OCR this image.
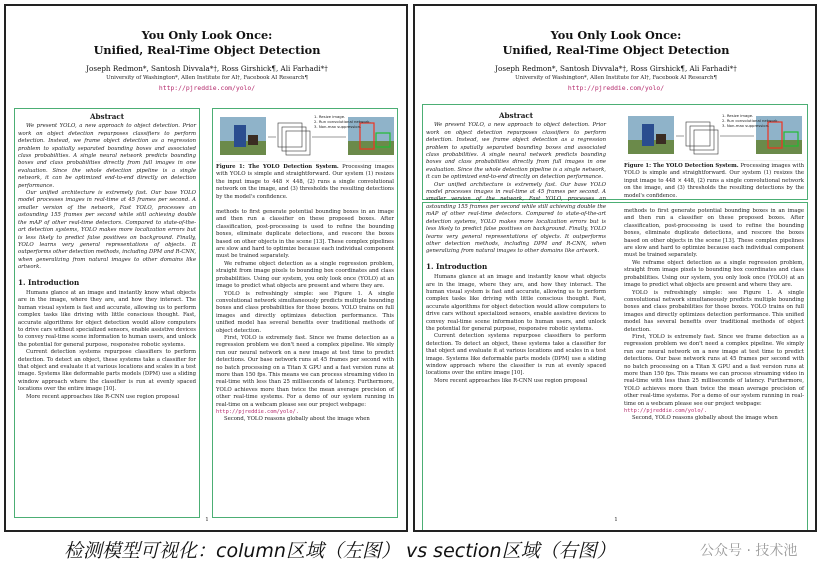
You Only Look Once:
Unified, Real-Time Object Detection
Joseph Redmon*, Santosh Divvala*†, Ross Girshick¶, Ali Farhadi*†
University of Washington*, Allen Institute for AI†, Facebook AI Research¶
http://pjreddie.com/yolo/
Abstract

We present YOLO, a new approach to object detection. Prior work on object detection repurposes classifiers to perform detection. Instead, we frame object detection as a regression problem to spatially separated bounding boxes and associated class probabilities. A single neural network predicts bounding boxes and class probabilities directly from full images in one evaluation. Since the whole detection pipeline is a single network, it can be optimized end-to-end directly on detection performance.

Our unified architecture is extremely fast. Our base YOLO model processes images in real-time at 45 frames per second. A smaller version of the network, Fast YOLO, processes an astounding 155 frames per second while still achieving double the mAP of other real-time detectors. Compared to state-of-the-art detection systems, YOLO makes more localization errors but is less likely to predict false positives on background. Finally, YOLO learns very general representations of objects. It outperforms other detection methods, including DPM and R-CNN, when generalizing from natural images to other domains like artwork.

1. Introduction

Humans glance at an image and instantly know what objects are in the image, where they are, and how they interact. The human visual system is fast and accurate, allowing us to perform complex tasks like driving with little conscious thought. Fast, accurate algorithms for object detection would allow computers to drive cars without specialized sensors, enable assistive devices to convey real-time scene information to human users, and unlock the potential for general purpose, responsive robotic systems.

Current detection systems repurpose classifiers to perform detection. To detect an object, these systems take a classifier for that object and evaluate it at various locations and scales in a test image. Systems like deformable parts models (DPM) use a sliding window approach where the classifier is run at evenly spaced locations over the entire image [10].

More recent approaches like R-CNN use region proposal

1. Resize image.
2. Run convolutional network.
3. Non-max suppression.
Figure 1: The YOLO Detection System. Processing images with YOLO is simple and straightforward. Our system (1) resizes the input image to 448 × 448, (2) runs a single convolutional network on the image, and (3) thresholds the resulting detections by the model's confidence.

methods to first generate potential bounding boxes in an image and then run a classifier on these proposed boxes. After classification, post-processing is used to refine the bounding boxes, eliminate duplicate detections, and rescore the boxes based on other objects in the scene [13]. These complex pipelines are slow and hard to optimize because each individual component must be trained separately.

We reframe object detection as a single regression problem, straight from image pixels to bounding box coordinates and class probabilities. Using our system, you only look once (YOLO) at an image to predict what objects are present and where they are.

YOLO is refreshingly simple: see Figure 1. A single convolutional network simultaneously predicts multiple bounding boxes and class probabilities for those boxes. YOLO trains on full images and directly optimizes detection performance. This unified model has several benefits over traditional methods of object detection.

First, YOLO is extremely fast. Since we frame detection as a regression problem we don't need a complex pipeline. We simply run our neural network on a new image at test time to predict detections. Our base network runs at 45 frames per second with no batch processing on a Titan X GPU and a fast version runs at more than 150 fps. This means we can process streaming video in real-time with less than 25 milliseconds of latency. Furthermore, YOLO achieves more than twice the mean average precision of other real-time systems. For a demo of our system running in real-time on a webcam please see our project webpage:

http://pjreddie.com/yolo/.

Second, YOLO reasons globally about the image when

1
You Only Look Once:
Unified, Real-Time Object Detection
Joseph Redmon*, Santosh Divvala*†, Ross Girshick¶, Ali Farhadi*†
University of Washington*, Allen Institute for AI†, Facebook AI Research¶
http://pjreddie.com/yolo/
Abstract

We present YOLO, a new approach to object detection. Prior work on object detection repurposes classifiers to perform detection. Instead, we frame object detection as a regression problem to spatially separated bounding boxes and associated class probabilities. A single neural network predicts bounding boxes and class probabilities directly from full images in one evaluation. Since the whole detection pipeline is a single network, it can be optimized end-to-end directly on detection performance.

Our unified architecture is extremely fast. Our base YOLO model processes images in real-time at 45 frames per second. A smaller version of the network, Fast YOLO, processes an astounding 155 frames per second while still achieving double the mAP of other real-time detectors. Compared to state-of-the-art detection systems, YOLO makes more localization errors but is less likely to predict false positives on background. Finally, YOLO learns very general representations of objects. It outperforms other detection methods, including DPM and R-CNN, when generalizing from natural images to other domains like artwork.

1. Introduction

Humans glance at an image and instantly know what objects are in the image, where they are, and how they interact. The human visual system is fast and accurate, allowing us to perform complex tasks like driving with little conscious thought. Fast, accurate algorithms for object detection would allow computers to drive cars without specialized sensors, enable assistive devices to convey real-time scene information to human users, and unlock the potential for general purpose, responsive robotic systems.

Current detection systems repurpose classifiers to perform detection. To detect an object, these systems take a classifier for that object and evaluate it at various locations and scales in a test image. Systems like deformable parts models (DPM) use a sliding window approach where the classifier is run at evenly spaced locations over the entire image [10].

More recent approaches like R-CNN use region proposal

1. Resize image.
2. Run convolutional network.
3. Non-max suppression.
Figure 1: The YOLO Detection System. Processing images with YOLO is simple and straightforward. Our system (1) resizes the input image to 448 × 448, (2) runs a single convolutional network on the image, and (3) thresholds the resulting detections by the model's confidence.

methods to first generate potential bounding boxes in an image and then run a classifier on these proposed boxes. After classification, post-processing is used to refine the bounding boxes, eliminate duplicate detections, and rescore the boxes based on other objects in the scene [13]. These complex pipelines are slow and hard to optimize because each individual component must be trained separately.

We reframe object detection as a single regression problem, straight from image pixels to bounding box coordinates and class probabilities. Using our system, you only look once (YOLO) at an image to predict what objects are present and where they are.

YOLO is refreshingly simple: see Figure 1. A single convolutional network simultaneously predicts multiple bounding boxes and class probabilities for those boxes. YOLO trains on full images and directly optimizes detection performance. This unified model has several benefits over traditional methods of object detection.

First, YOLO is extremely fast. Since we frame detection as a regression problem we don't need a complex pipeline. We simply run our neural network on a new image at test time to predict detections. Our base network runs at 45 frames per second with no batch processing on a Titan X GPU and a fast version runs at more than 150 fps. This means we can process streaming video in real-time with less than 25 milliseconds of latency. Furthermore, YOLO achieves more than twice the mean average precision of other real-time systems. For a demo of our system running in real-time on a webcam please see our project webpage:

http://pjreddie.com/yolo/.

Second, YOLO reasons globally about the image when

1
检测模型可视化：column区域（左图） vs section区域（右图）	公众号 · 技术池
